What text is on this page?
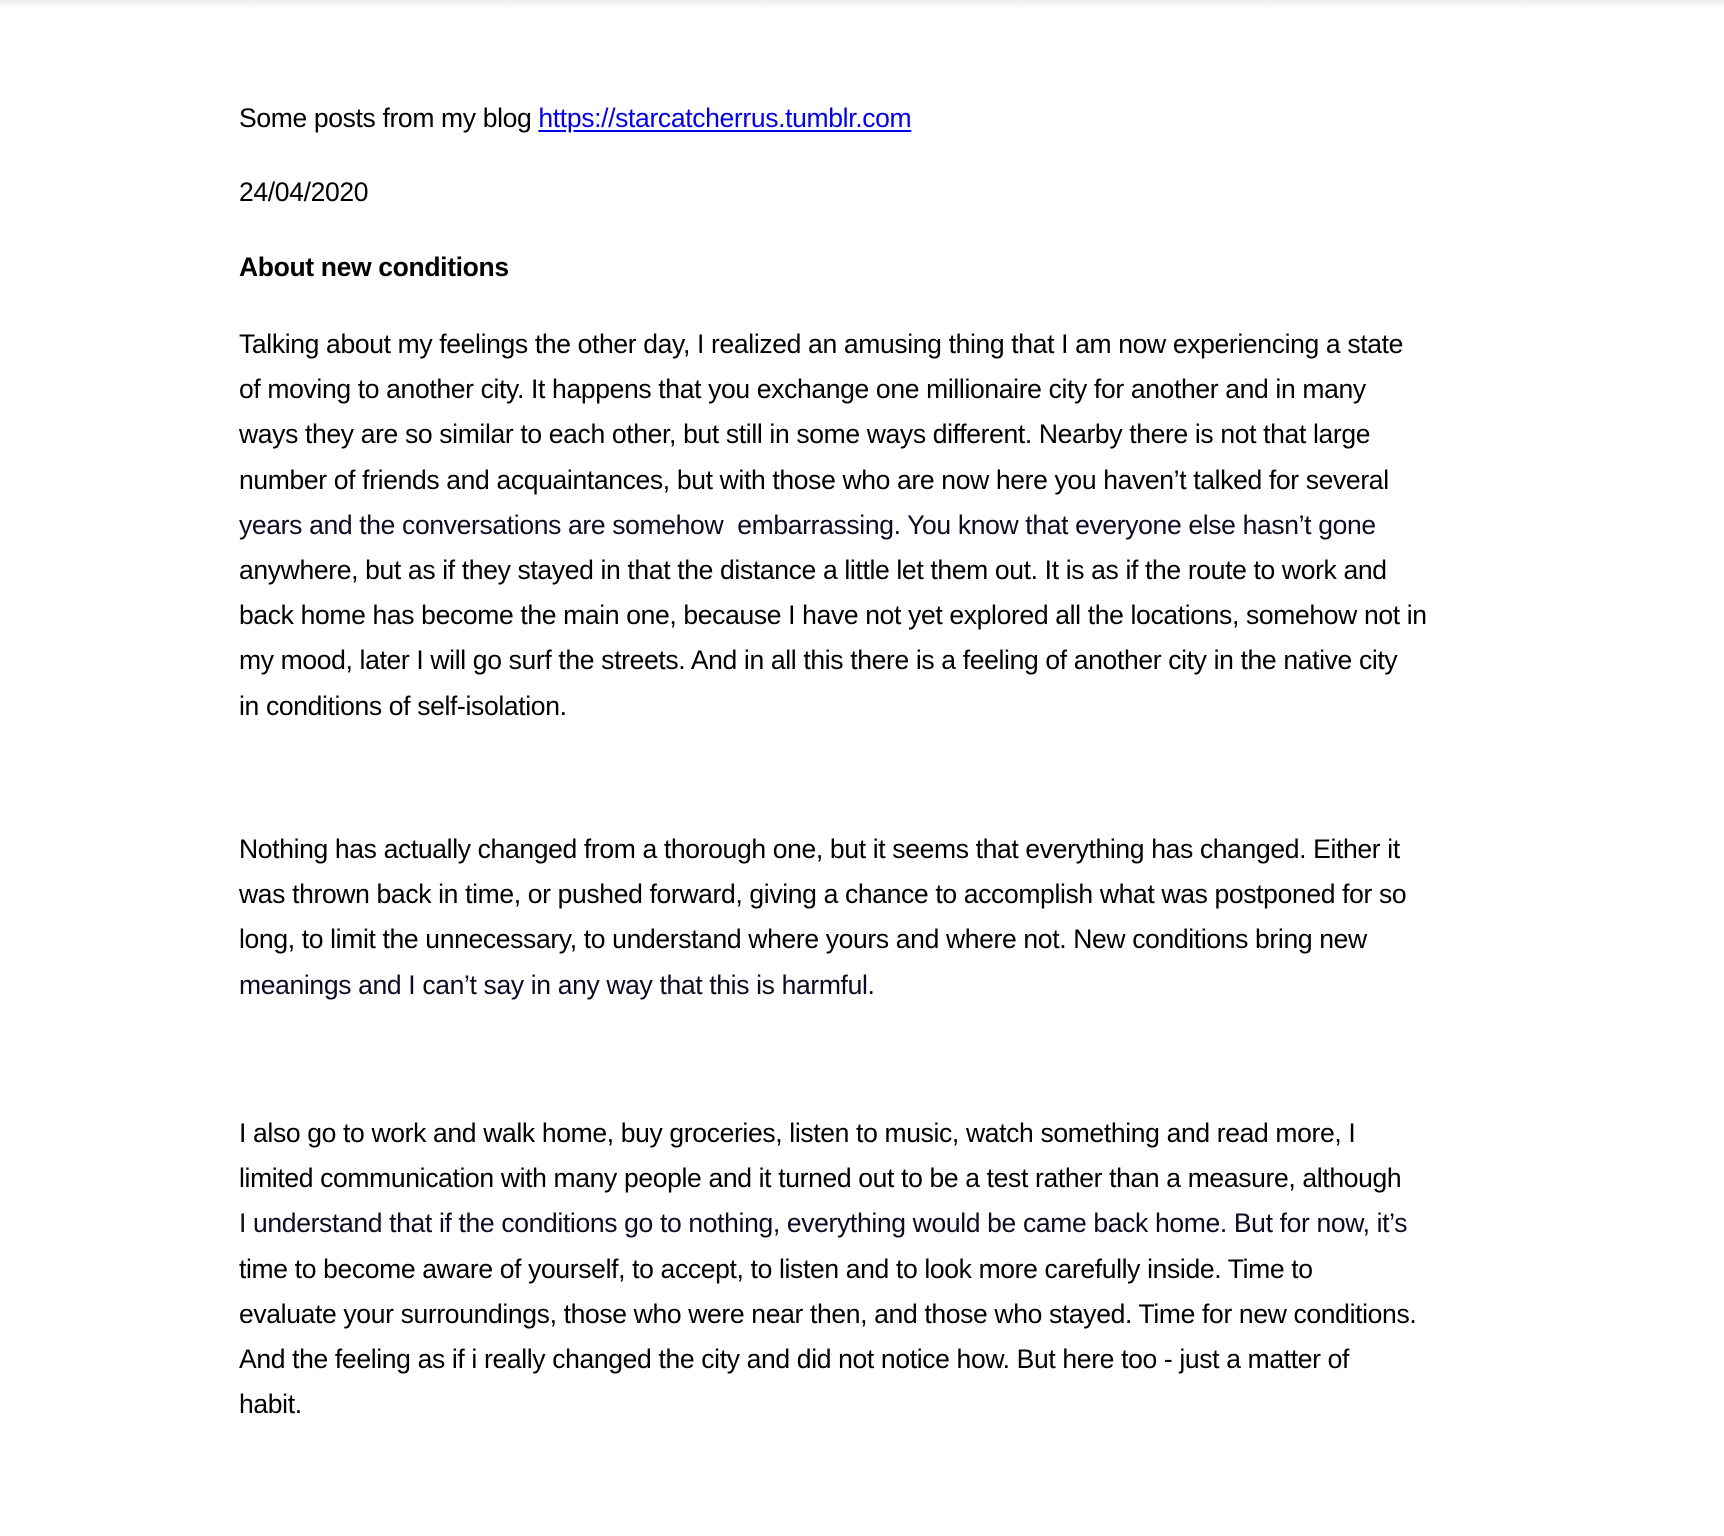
Some posts from my blog https://starcatcherrus.tumblr.com
24/04/2020
About new conditions
Talking about my feelings the other day, I realized an amusing thing that I am now experiencing a state
of moving to another city. It happens that you exchange one millionaire city for another and in many
ways they are so similar to each other, but still in some ways different. Nearby there is not that large
number of friends and acquaintances, but with those who are now here you haven’t talked for several
years and the conversations are somehow  embarrassing. You know that everyone else hasn’t gone
anywhere, but as if they stayed in that the distance a little let them out. It is as if the route to work and
back home has become the main one, because I have not yet explored all the locations, somehow not in
my mood, later I will go surf the streets. And in all this there is a feeling of another city in the native city
in conditions of self-isolation.
Nothing has actually changed from a thorough one, but it seems that everything has changed. Either it
was thrown back in time, or pushed forward, giving a chance to accomplish what was postponed for so
long, to limit the unnecessary, to understand where yours and where not. New conditions bring new
meanings and I can’t say in any way that this is harmful.
I also go to work and walk home, buy groceries, listen to music, watch something and read more, I
limited communication with many people and it turned out to be a test rather than a measure, although
I understand that if the conditions go to nothing, everything would be came back home. But for now, it’s
time to become aware of yourself, to accept, to listen and to look more carefully inside. Time to
evaluate your surroundings, those who were near then, and those who stayed. Time for new conditions.
And the feeling as if i really changed the city and did not notice how. But here too - just a matter of
habit.
